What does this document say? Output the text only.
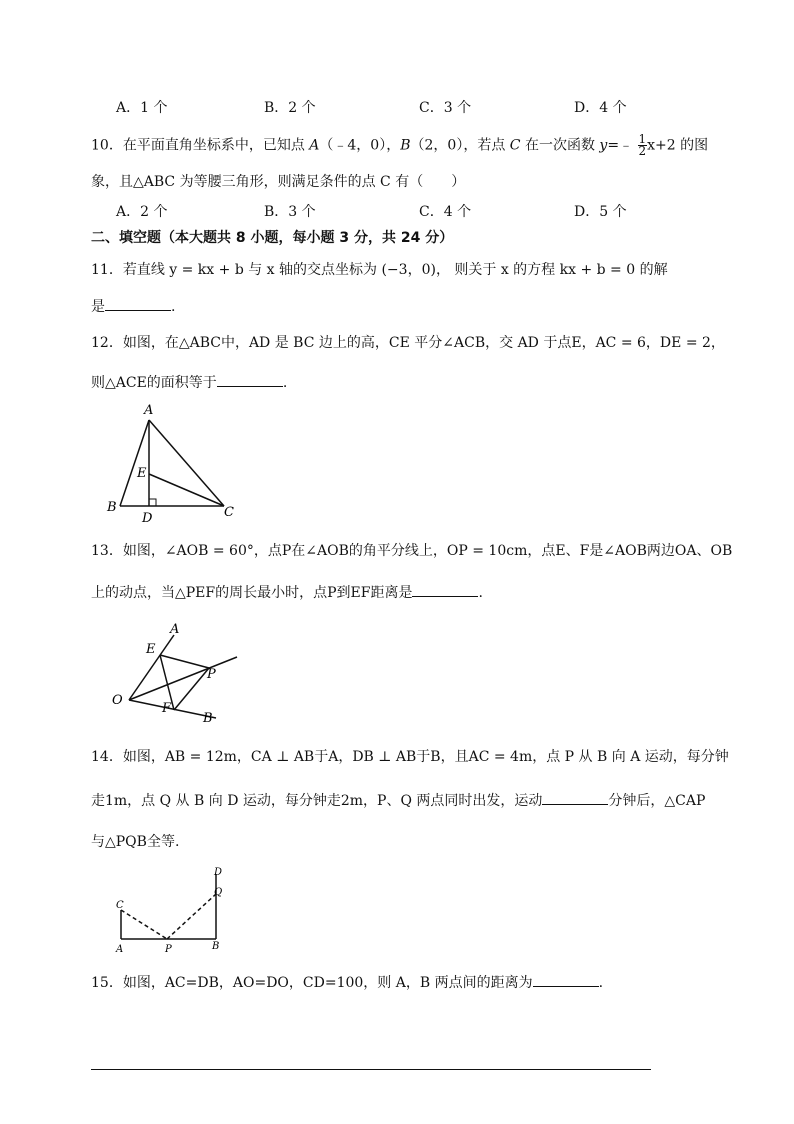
A．1 个	B．2 个	C．3 个	D．4 个
10．在平面直角坐标系中，已知点 A（﹣4，0），B（2，0），若点 C 在一次函数 y=﹣ $\frac{1}{2} x+2$ 的图
象，且△ABC 为等腰三角形，则满足条件的点 C 有（　　）
A．2 个	B．3 个	C．4 个	D．5 个
二、填空题（本大题共 8 小题，每小题 3 分，共 24 分）
11．若直线 y = kx + b 与 x 轴的交点坐标为 (−3，0)， 则关于 x 的方程 kx + b = 0 的解
是	.
12．如图，在△ABC中，AD 是 BC 边上的高，CE 平分∠ACB，交 AD 于点E，AC = 6，DE = 2，
则△ACE的面积等于	.
A
E
B
D	C
13．如图，∠AOB = 60°，点P在∠AOB的角平分线上，OP = 10cm，点E、F是∠AOB两边OA、OB
上的动点，当△PEF的周长最小时，点P到EF距离是	.
A
E
P
O
F
B
14．如图，AB = 12m，CA ⊥ AB于A，DB ⊥ AB于B，且AC = 4m，点 P 从 B 向 A 运动，每分钟
走1m，点 Q 从 B 向 D 运动，每分钟走2m，P、Q 两点同时出发，运动	分钟后，△CAP
与△PQB全等.
D
Q
C
A	P	B
15．如图，AC=DB，AO=DO，CD=100，则 A，B 两点间的距离为	.
